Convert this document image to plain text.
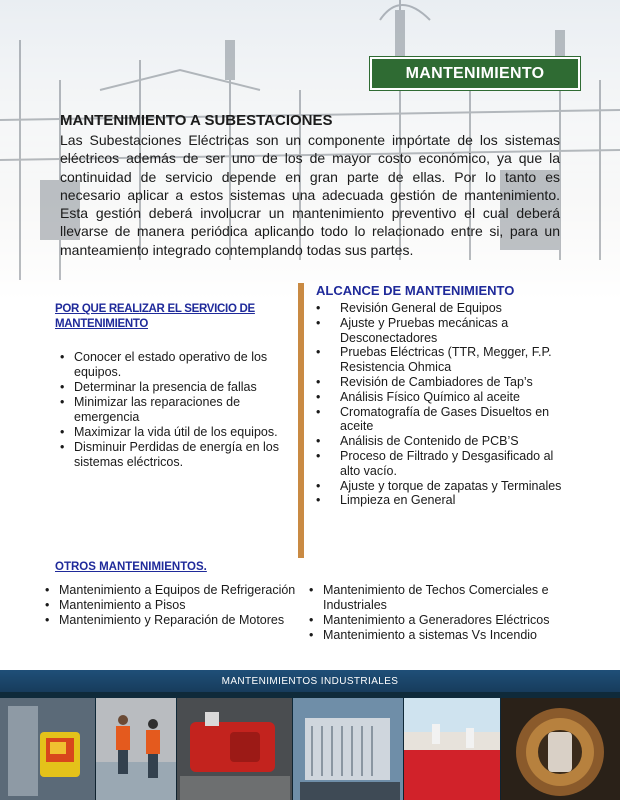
MANTENIMIENTO
MANTENIMIENTO A SUBESTACIONES

Las Subestaciones Eléctricas son un componente impórtate de los sistemas eléctricos además de ser uno de los de mayor costo económico, ya que la continuidad de servicio depende en gran parte de ellas. Por lo tanto es necesario aplicar a estos sistemas una adecuada gestión de mantenimiento. Esta gestión deberá involucrar un mantenimiento preventivo el cual deberá llevarse de manera periódica aplicando todo lo relacionado entre si, para un manteamiento integrado contemplando todas sus partes.

POR QUE REALIZAR EL SERVICIO DE MANTENIMIENTO
• Conocer el estado operativo de los equipos.
• Determinar la presencia de fallas
• Minimizar las reparaciones de emergencia
• Maximizar la vida útil de los equipos.
• Disminuir Perdidas de energía en los sistemas eléctricos.
ALCANCE DE MANTENIMIENTO
• Revisión General de Equipos
• Ajuste y Pruebas mecánicas a Desconectadores
• Pruebas Eléctricas (TTR, Megger, F.P. Resistencia Ohmica
• Revisión de Cambiadores de Tap’s
• Análisis Físico Químico al aceite
• Cromatografía de Gases Disueltos en aceite
• Análisis de Contenido de PCB’S
• Proceso de Filtrado y Desgasificado al alto vacío.
• Ajuste y torque de zapatas y Terminales
• Limpieza en General
OTROS MANTENIMIENTOS.
• Mantenimiento a Equipos de Refrigeración
• Mantenimiento a Pisos
• Mantenimiento y Reparación de Motores
• Mantenimiento de Techos Comerciales e Industriales
• Mantenimiento a Generadores Eléctricos
• Mantenimiento a sistemas Vs Incendio
MANTENIMIENTOS INDUSTRIALES
